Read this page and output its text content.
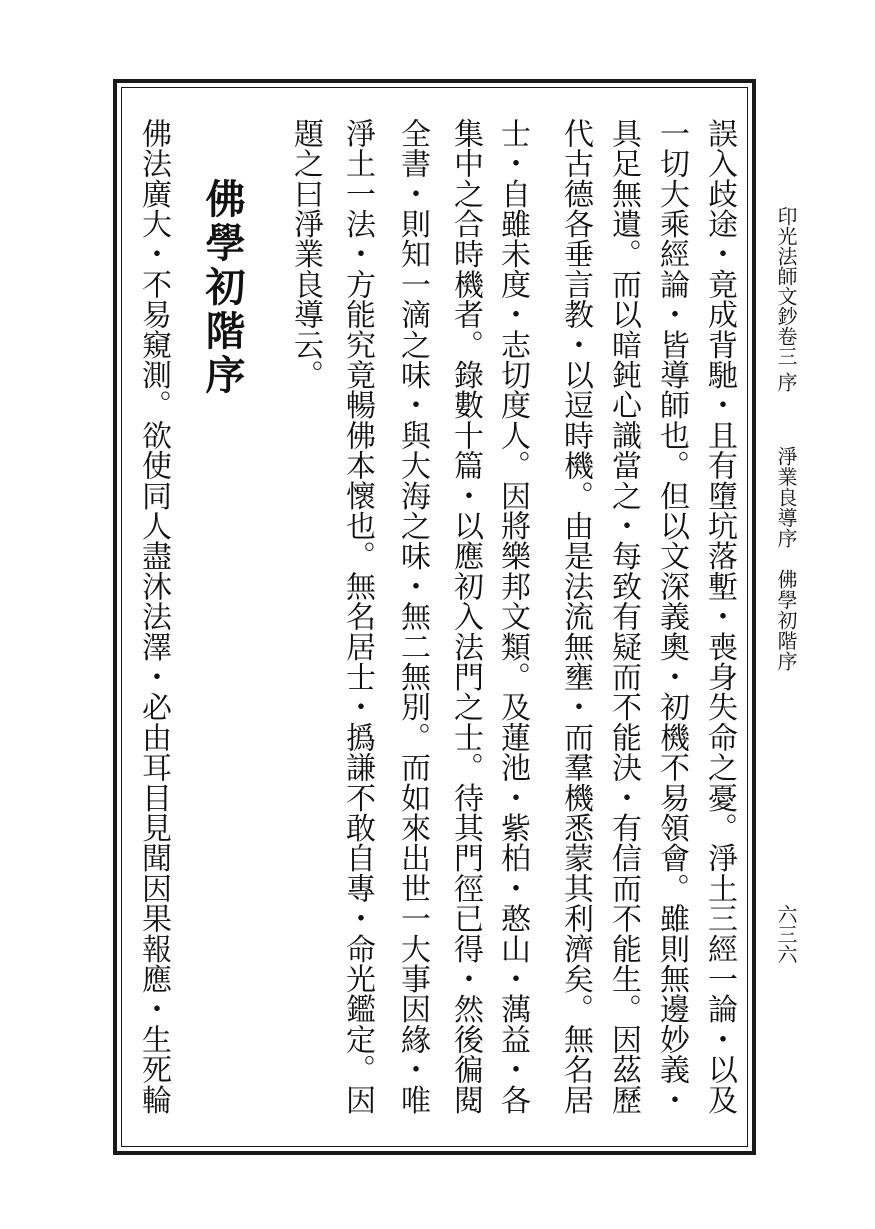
印光法師文鈔卷三
序
淨業良導序　佛學初階序
六三六
誤入歧途・竟成背馳・且有墮坑落塹・喪身失命之憂。淨土三經一論・以及
一切大乘經論・皆導師也。但以文深義奧・初機不易領會。雖則無邊妙義・
具足無遺。而以暗鈍心識當之・每致有疑而不能決・有信而不能生。因茲歷
代古德各垂言教・以逗時機。由是法流無壅・而羣機悉蒙其利濟矣。無名居
士・自雖未度・志切度人。因將樂邦文類。及蓮池・紫柏・憨山・蕅益・各
集中之合時機者。錄數十篇・以應初入法門之士。待其門徑已得・然後徧閱
全書・則知一滴之味・與大海之味・無二無別。而如來出世一大事因緣・唯
淨土一法・方能究竟暢佛本懷也。無名居士・撝謙不敢自專・命光鑑定。因
題之曰淨業良導云。
佛學初階序
佛法廣大・不易窺測。欲使同人盡沐法澤・必由耳目見聞因果報應・生死輪
